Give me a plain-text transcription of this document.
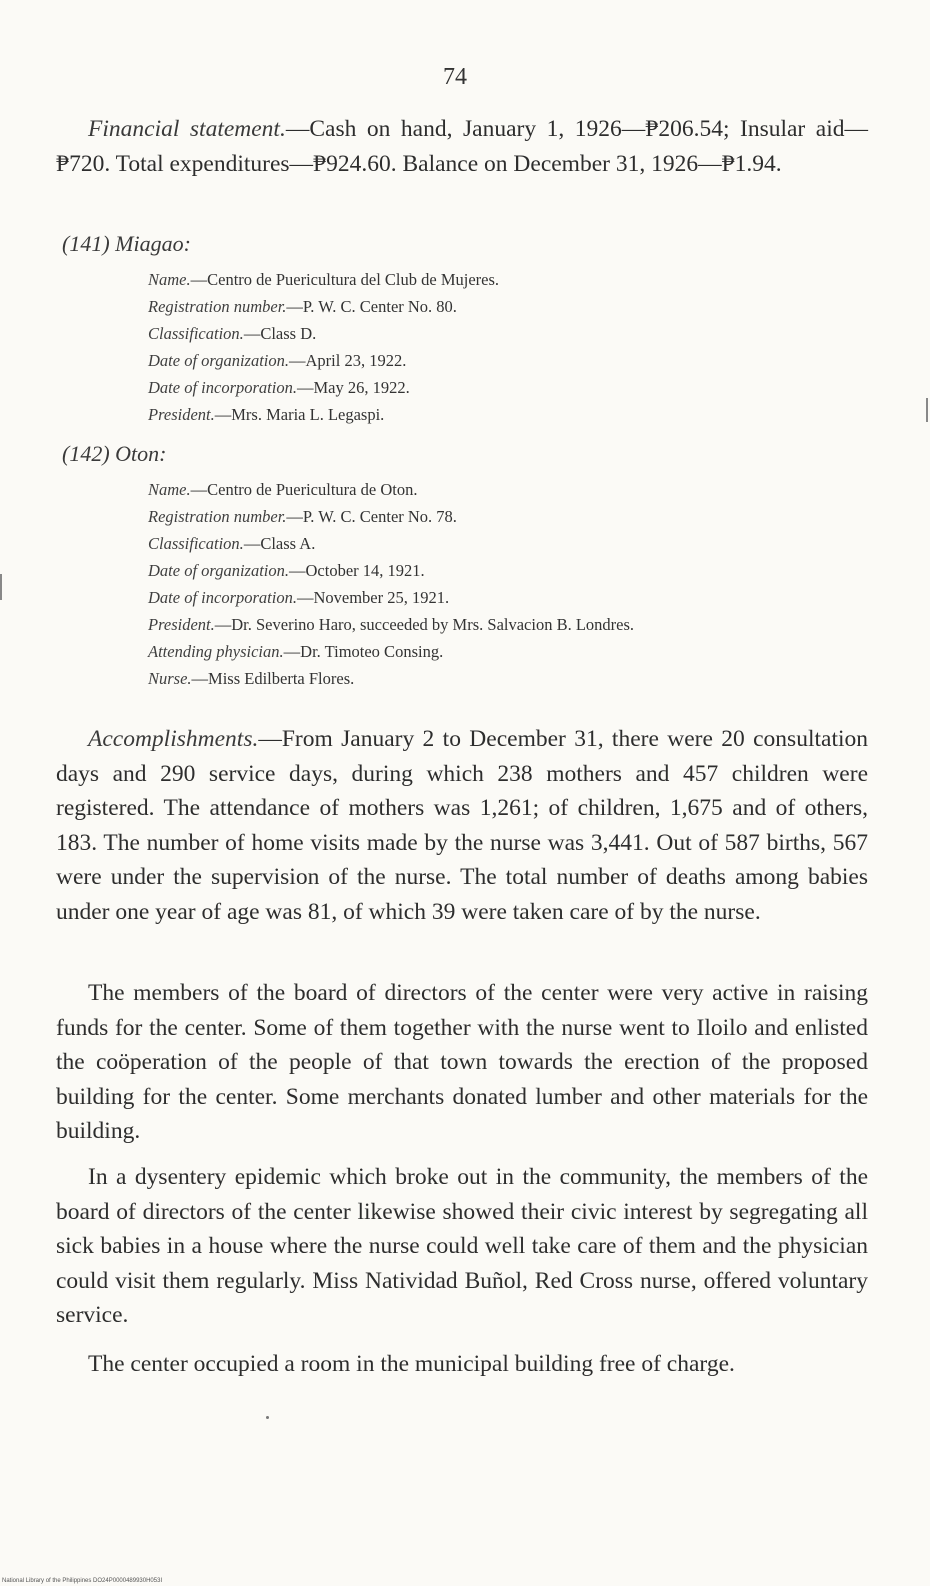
74

Financial statement.—Cash on hand, January 1, 1926—₱206.54; Insular aid—₱720. Total expenditures—₱924.60. Balance on December 31, 1926—₱1.94.

(141) Miagao:

Name.—Centro de Puericultura del Club de Mujeres.

Registration number.—P. W. C. Center No. 80.

Classification.—Class D.

Date of organization.—April 23, 1922.

Date of incorporation.—May 26, 1922.

President.—Mrs. Maria L. Legaspi.

(142) Oton:

Name.—Centro de Puericultura de Oton.

Registration number.—P. W. C. Center No. 78.

Classification.—Class A.

Date of organization.—October 14, 1921.

Date of incorporation.—November 25, 1921.

President.—Dr. Severino Haro, succeeded by Mrs. Salvacion B. Londres.

Attending physician.—Dr. Timoteo Consing.

Nurse.—Miss Edilberta Flores.

Accomplishments.—From January 2 to December 31, there were 20 consultation days and 290 service days, during which 238 mothers and 457 children were registered. The attendance of mothers was 1,261; of children, 1,675 and of others, 183. The number of home visits made by the nurse was 3,441. Out of 587 births, 567 were under the supervision of the nurse. The total number of deaths among babies under one year of age was 81, of which 39 were taken care of by the nurse.

The members of the board of directors of the center were very active in raising funds for the center. Some of them together with the nurse went to Iloilo and enlisted the coöperation of the people of that town towards the erection of the proposed building for the center. Some merchants donated lumber and other materials for the building.

In a dysentery epidemic which broke out in the community, the members of the board of directors of the center likewise showed their civic interest by segregating all sick babies in a house where the nurse could well take care of them and the physician could visit them regularly. Miss Natividad Buñol, Red Cross nurse, offered voluntary service.

The center occupied a room in the municipal building free of charge.

National Library of the Philippines DO24P0000489930H053I
